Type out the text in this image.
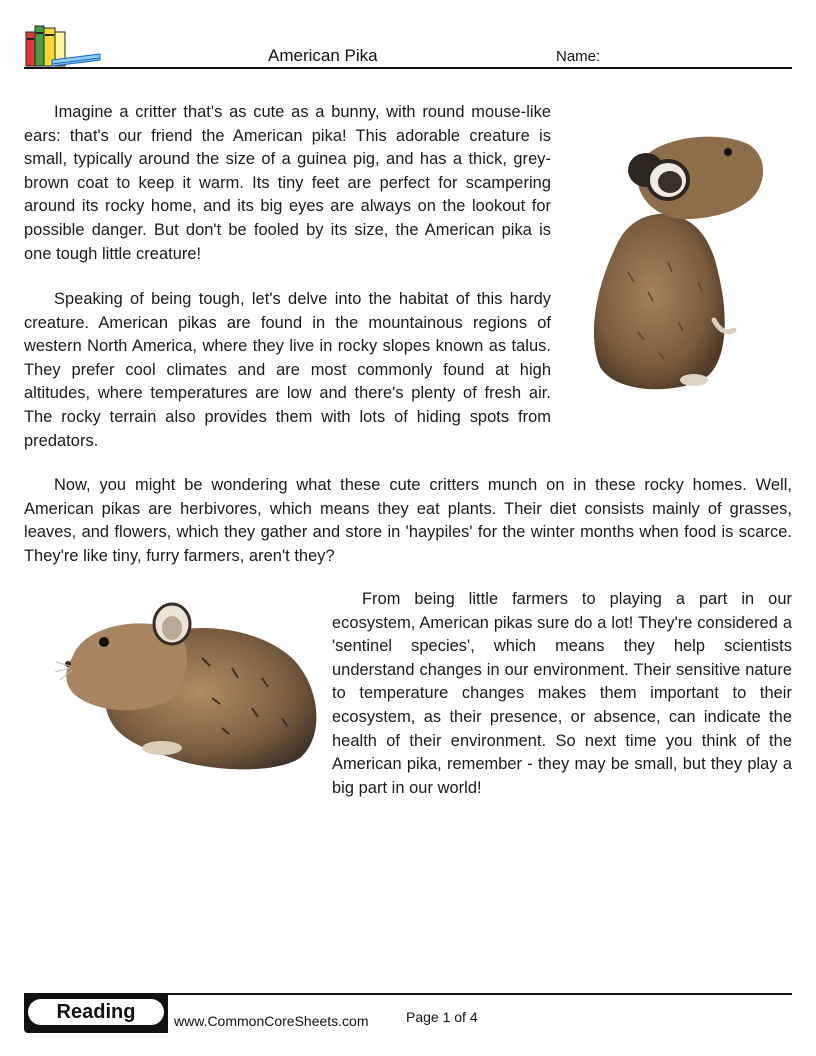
American Pika	Name:

Imagine a critter that's as cute as a bunny, with round mouse-like ears: that's our friend the American pika! This adorable creature is small, typically around the size of a guinea pig, and has a thick, grey-brown coat to keep it warm. Its tiny feet are perfect for scampering around its rocky home, and its big eyes are always on the lookout for possible danger. But don't be fooled by its size, the American pika is one tough little creature!

Speaking of being tough, let's delve into the habitat of this hardy creature. American pikas are found in the mountainous regions of western North America, where they live in rocky slopes known as talus. They prefer cool climates and are most commonly found at high altitudes, where temperatures are low and there's plenty of fresh air. The rocky terrain also provides them with lots of hiding spots from predators.

Now, you might be wondering what these cute critters munch on in these rocky homes. Well, American pikas are herbivores, which means they eat plants. Their diet consists mainly of grasses, leaves, and flowers, which they gather and store in 'haypiles' for the winter months when food is scarce. They're like tiny, furry farmers, aren't they?

From being little farmers to playing a part in our ecosystem, American pikas sure do a lot! They're considered a 'sentinel species', which means they help scientists understand changes in our environment. Their sensitive nature to temperature changes makes them important to their ecosystem, as their presence, or absence, can indicate the health of their environment. So next time you think of the American pika, remember - they may be small, but they play a big part in our world!

Reading	www.CommonCoreSheets.com	Page 1 of 4
